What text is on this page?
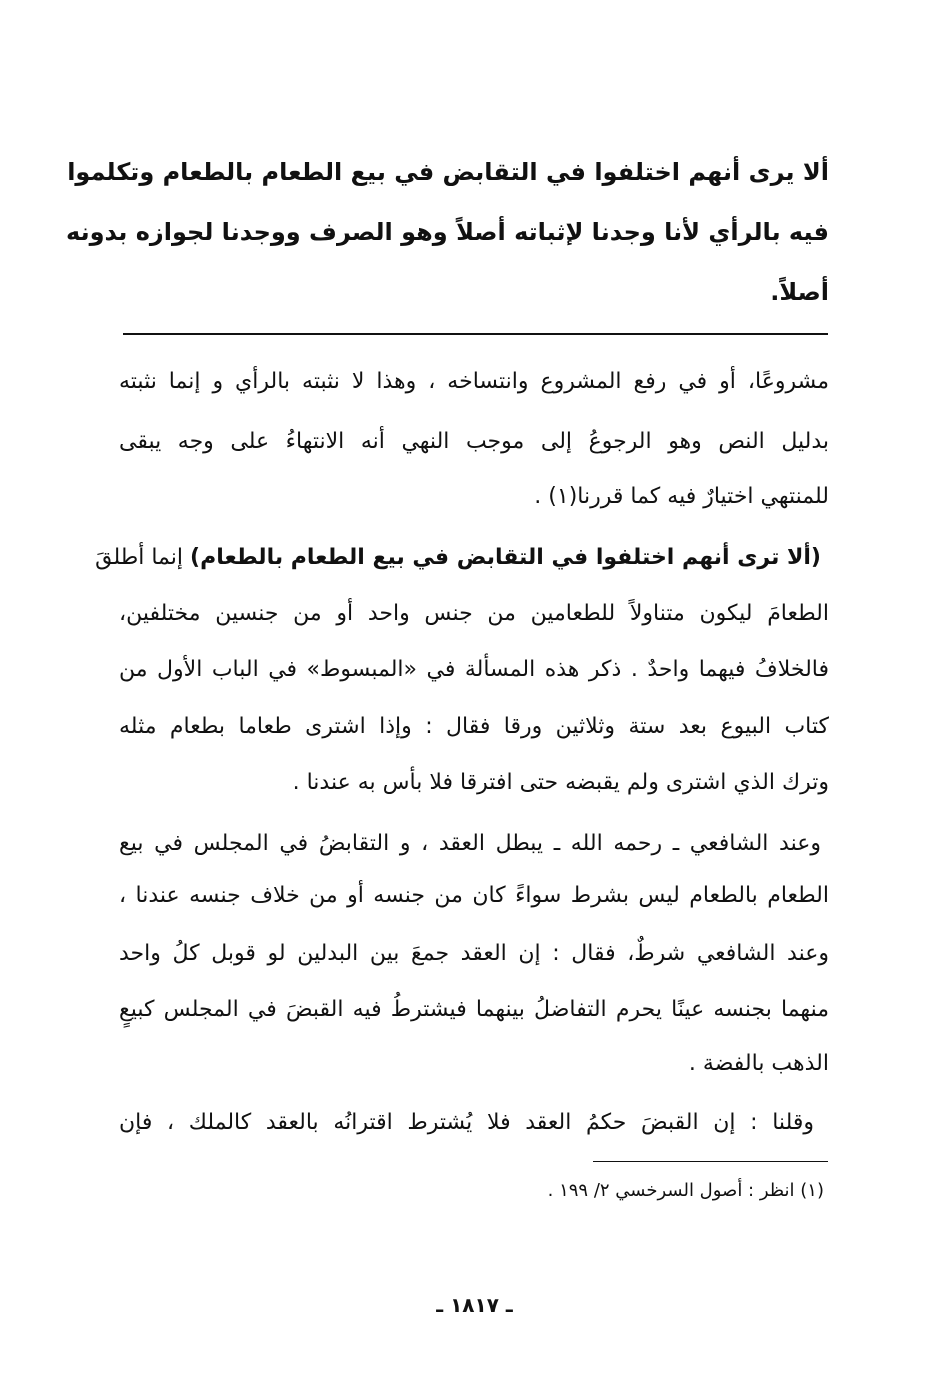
ألا يرى أنهم اختلفوا في التقابض في بيع الطعام بالطعام وتكلموا
فيه بالرأي لأنا وجدنا لإثباته أصلاً وهو الصرف ووجدنا لجوازه بدونه
أصلاً.
مشروعًا، أو في رفع المشروع وانتساخه ، وهذا لا نثبته بالرأي و إنما نثبته
بدليل النص وهو الرجوعُ إلى موجب النهي أنه الانتهاءُ على وجه يبقى
للمنتهي اختيارٌ فيه كما قررنا(١) .
(ألا ترى أنهم اختلفوا في التقابض في بيع الطعام بالطعام) إنما أطلقَ
الطعامَ ليكون متناولاً للطعامين من جنس واحد أو من جنسين مختلفين،
فالخلافُ فيهما واحدٌ . ذكر هذه المسألة في «المبسوط» في الباب الأول من
كتاب البيوع بعد ستة وثلاثين ورقا فقال : وإذا اشترى طعاما بطعام مثله
وترك الذي اشترى ولم يقبضه حتى افترقا فلا بأس به عندنا .
وعند الشافعي ـ رحمه الله ـ يبطل العقد ، و التقابضُ في المجلس في بيع
الطعام بالطعام ليس بشرط سواءً كان من جنسه أو من خلاف جنسه عندنا ،
وعند الشافعي شرطٌ، فقال : إن العقد جمعَ بين البدلين لو قوبل كلُ واحد
منهما بجنسه عينًا يحرم التفاضلُ بينهما فيشترطُ فيه القبضَ في المجلس كبيعٍ
الذهب بالفضة .
وقلنا : إن القبضَ حكمُ العقد فلا يُشترط اقترانُه بالعقد كالملك ، فإن
(١) انظر : أصول السرخسي ٢/ ١٩٩ .
ـ ١٨١٧ ـ
